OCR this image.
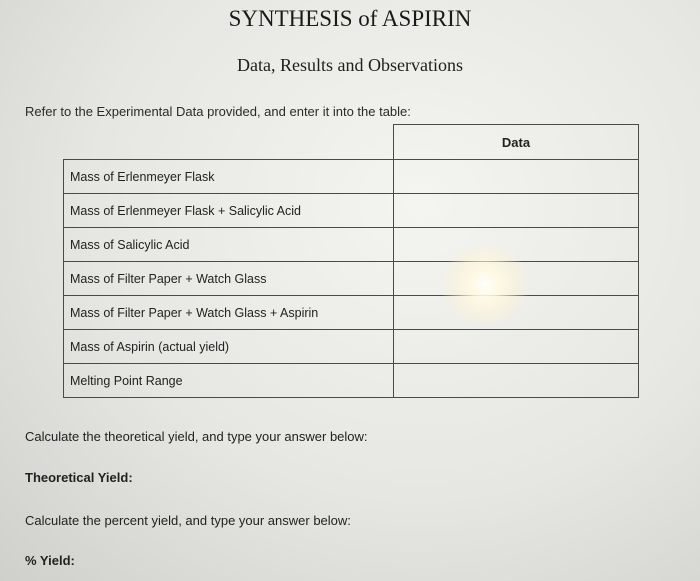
SYNTHESIS of ASPIRIN
Data, Results and Observations
Refer to the Experimental Data provided, and enter it into the table:
	Data
Mass of Erlenmeyer Flask	
Mass of Erlenmeyer Flask + Salicylic Acid	
Mass of Salicylic Acid	
Mass of Filter Paper + Watch Glass	
Mass of Filter Paper + Watch Glass + Aspirin	
Mass of Aspirin (actual yield)	
Melting Point Range	
Calculate the theoretical yield, and type your answer below:
Theoretical Yield:
Calculate the percent yield, and type your answer below:
% Yield:
